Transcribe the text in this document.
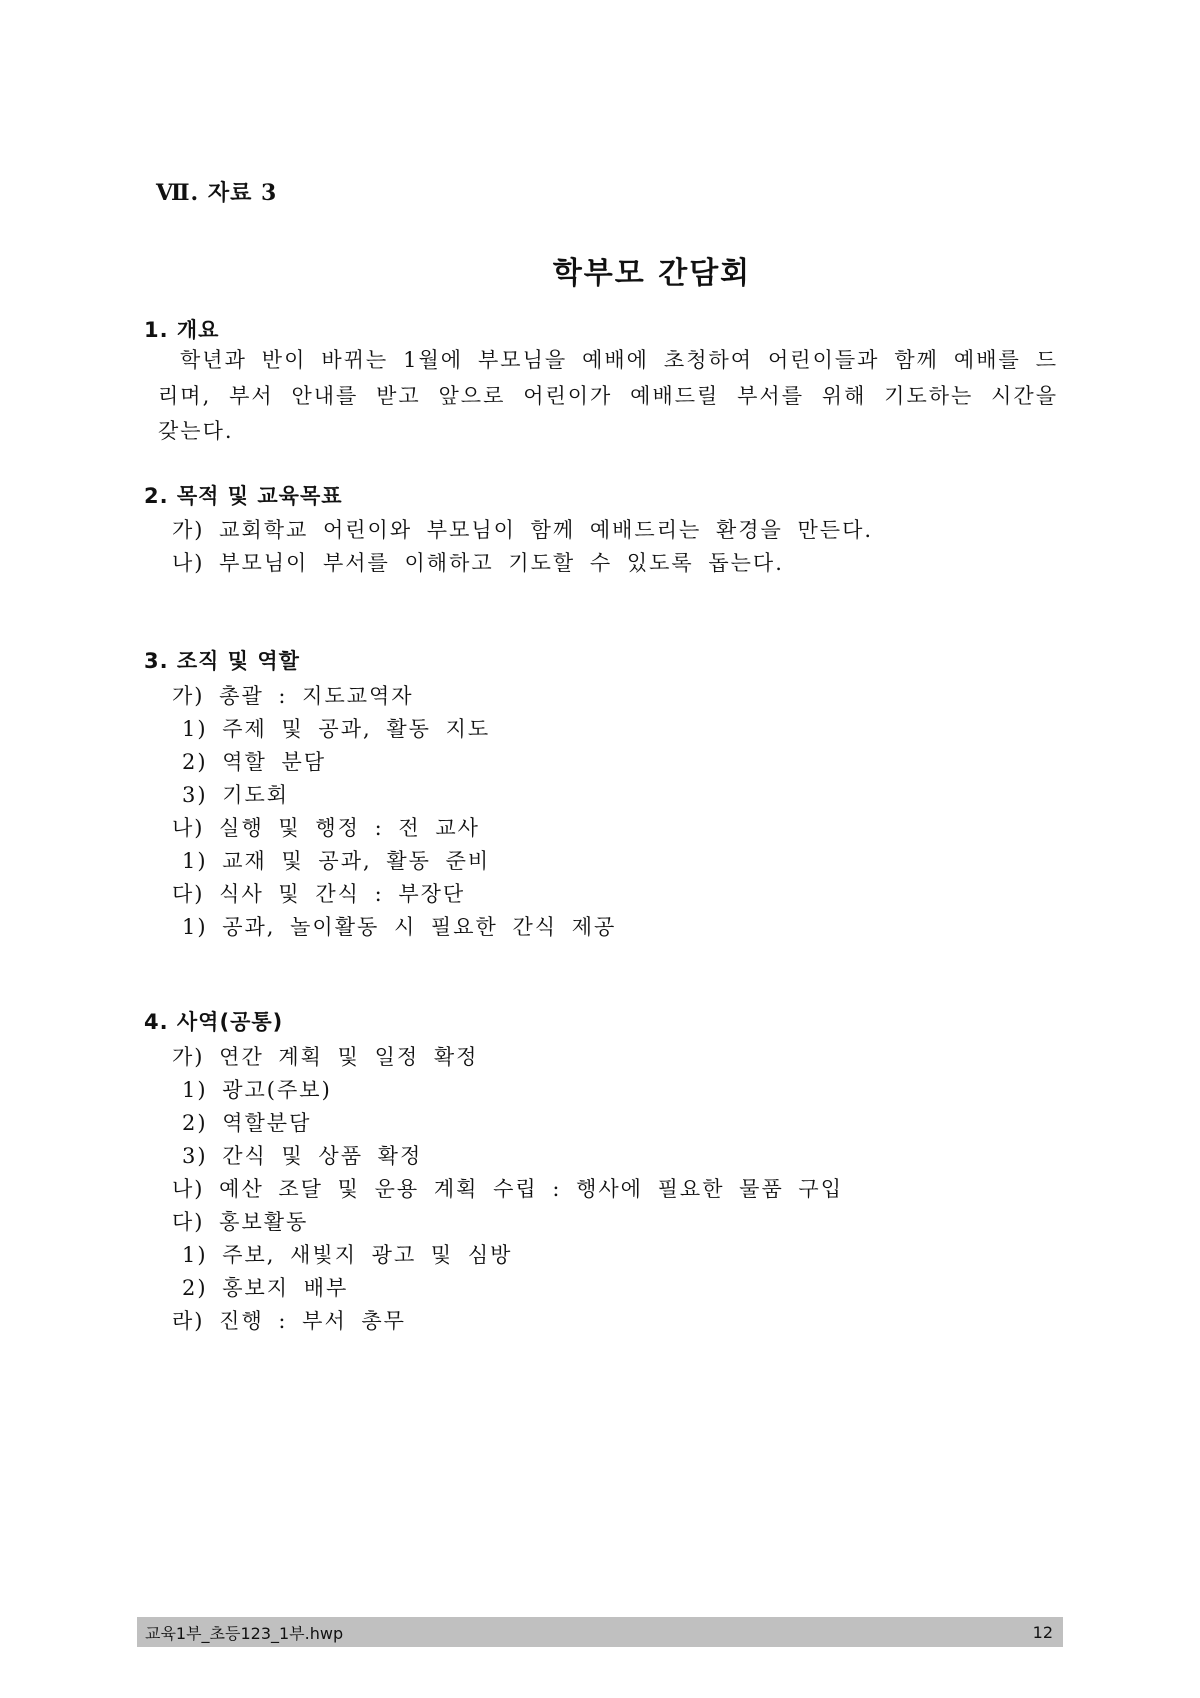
Ⅶ. 자료 3
학부모 간담회
1. 개요
학년과 반이 바뀌는 1월에 부모님을 예배에 초청하여 어린이들과 함께 예배를 드리며, 부서 안내를 받고 앞으로 어린이가 예배드릴 부서를 위해 기도하는 시간을 갖는다.
2. 목적 및 교육목표
가) 교회학교 어린이와 부모님이 함께 예배드리는 환경을 만든다.
나) 부모님이 부서를 이해하고 기도할 수 있도록 돕는다.
3. 조직 및 역할
가) 총괄 : 지도교역자
1) 주제 및 공과, 활동 지도
2) 역할 분담
3) 기도회
나) 실행 및 행정 : 전 교사
1) 교재 및 공과, 활동 준비
다) 식사 및 간식 : 부장단
1) 공과, 놀이활동 시 필요한 간식 제공
4. 사역(공통)
가) 연간 계획 및 일정 확정
1) 광고(주보)
2) 역할분담
3) 간식 및 상품 확정
나) 예산 조달 및 운용 계획 수립 : 행사에 필요한 물품 구입
다) 홍보활동
1) 주보, 새빛지 광고 및 심방
2) 홍보지 배부
라) 진행 : 부서 총무
교육1부_초등123_1부.hwp	12
